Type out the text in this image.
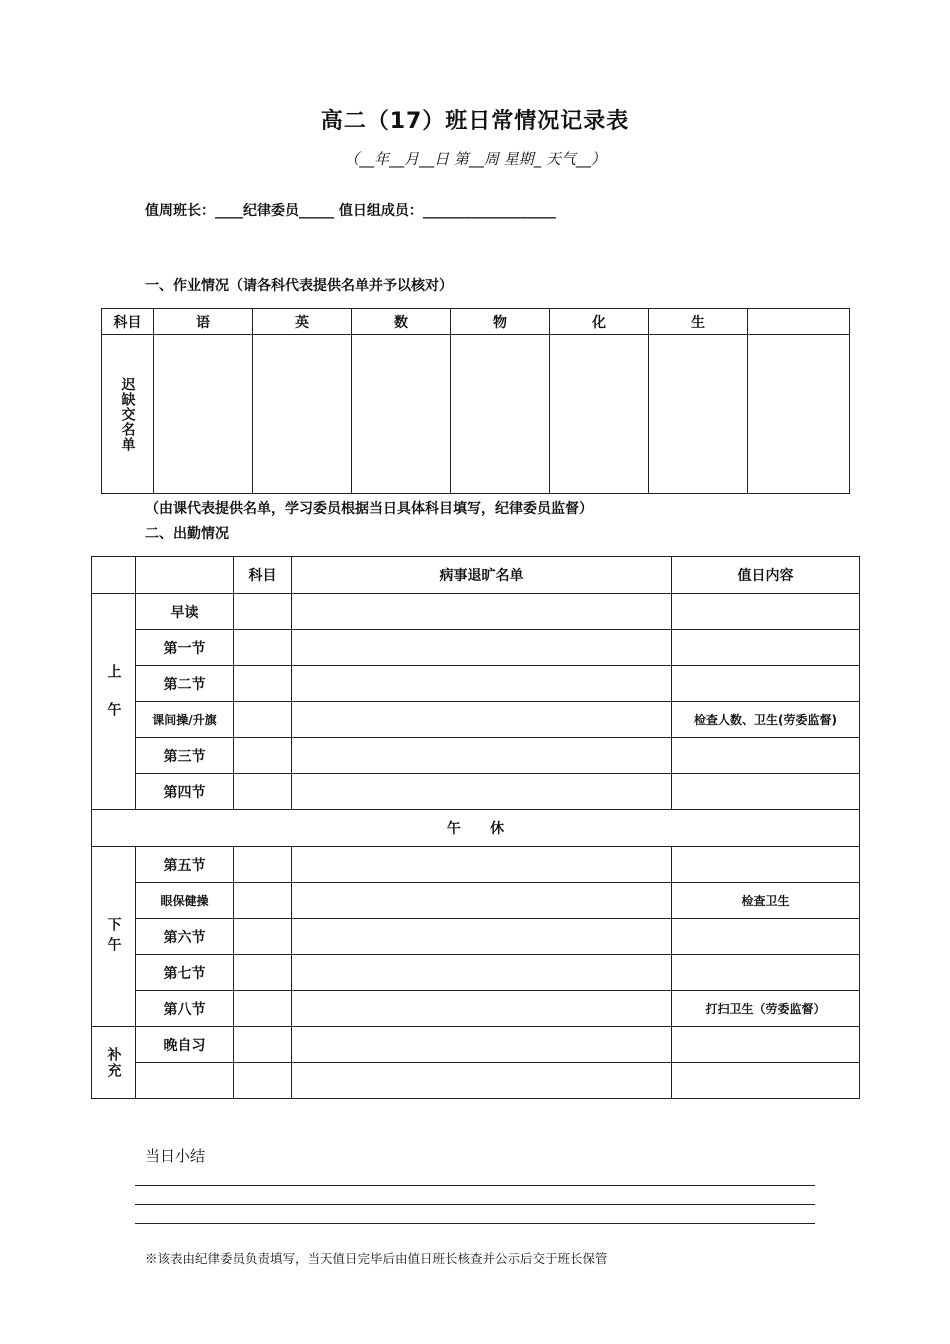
高二（17）班日常情况记录表
（__年__月__日 第__周 星期_ 天气__）
值周班长：____纪律委员_____ 值日组成员：___________________
一、作业情况（请各科代表提供名单并予以核对）
科目	语	英	数	物	化	生	

迟缺交名单							

（由课代表提供名单，学习委员根据当日具体科目填写，纪律委员监督）
二、出勤情况
		科目	病事退旷名单	值日内容

上午	早读			
	第一节			
	第二节			
	课间操/升旗			检查人数、卫生(劳委监督)
	第三节			
	第四节			
午      休				

下午	第五节			
	眼保健操			检查卫生
	第六节			
	第七节			
	第八节			打扫卫生（劳委监督）

补充	晚自习			

当日小结
※该表由纪律委员负责填写，当天值日完毕后由值日班长核查并公示后交于班长保管
